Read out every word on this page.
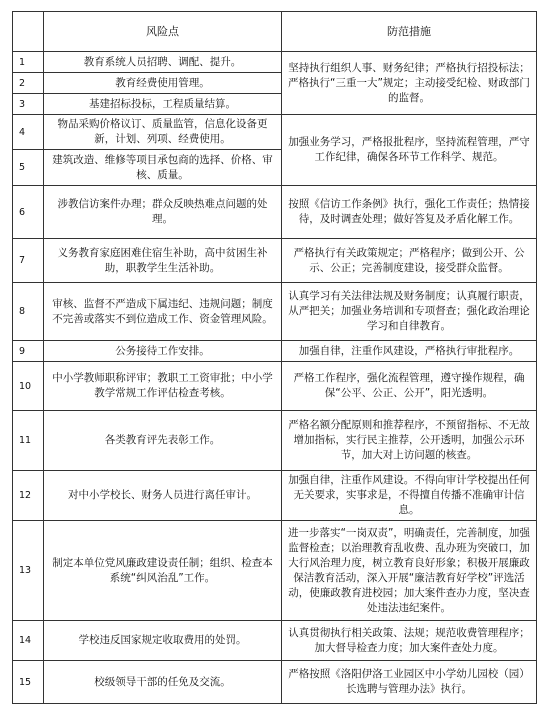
	风险点	防范措施
1	教育系统人员招聘、调配、提升。	坚持执行组织人事、财务纪律；严格执行招投标法；严格执行“三重一大”规定；主动接受纪检、财政部门的监督。
2	教育经费使用管理。	
3	基建招标投标，工程质量结算。	
4	物品采购价格议订、质量监管，信息化设备更新，计划、列项、经费使用。	加强业务学习，严格报批程序，坚持流程管理，严守工作纪律，确保各环节工作科学、规范。
5	建筑改造、维修等项目承包商的选择、价格、审核、质量。	
6	涉教信访案件办理；群众反映热难点问题的处理。	按照《信访工作条例》执行，强化工作责任；热情接待，及时调查处理；做好答复及矛盾化解工作。
7	义务教育家庭困难住宿生补助，高中贫困生补助，职教学生生活补助。	严格执行有关政策规定；严格程序；做到公开、公示、公正；完善制度建设，接受群众监督。
8	审核、监督不严造成下属违纪、违规问题；制度不完善或落实不到位造成工作、资金管理风险。	认真学习有关法律法规及财务制度；认真履行职责，从严把关；加强业务培训和专项督查；强化政治理论学习和自律教育。
9	公务接待工作安排。	加强自律，注重作风建设，严格执行审批程序。
10	中小学教师职称评审；教职工工资审批；中小学教学常规工作评估检查考核。	严格工作程序，强化流程管理，遵守操作规程，确保“公平、公正、公开”，阳光透明。
11	各类教育评先表彰工作。	严格名额分配原则和推荐程序，不预留指标、不无故增加指标，实行民主推荐，公开透明，加强公示环节，加大对上访问题的核查。
12	对中小学校长、财务人员进行离任审计。	加强自律，注重作风建设。不得向审计学校提出任何无关要求，实事求是，不得擅自传播不准确审计信息。
13	制定本单位党风廉政建设责任制；组织、检查本系统“纠风治乱”工作。	进一步落实“一岗双责”，明确责任，完善制度，加强监督检查；以治理教育乱收费、乱办班为突破口，加大行风治理力度，树立教育良好形象；积极开展廉政保洁教育活动，深入开展“廉洁教育好学校”评选活动，使廉政教育进校园；加大案件查办力度，坚决查处违法违纪案件。
14	学校违反国家规定收取费用的处罚。	认真贯彻执行相关政策、法规；规范收费管理程序；加大督导检查力度；加大案件查处力度。
15	校级领导干部的任免及交流。	严格按照《洛阳伊洛工业园区中小学幼儿园校（园）长选聘与管理办法》执行。
